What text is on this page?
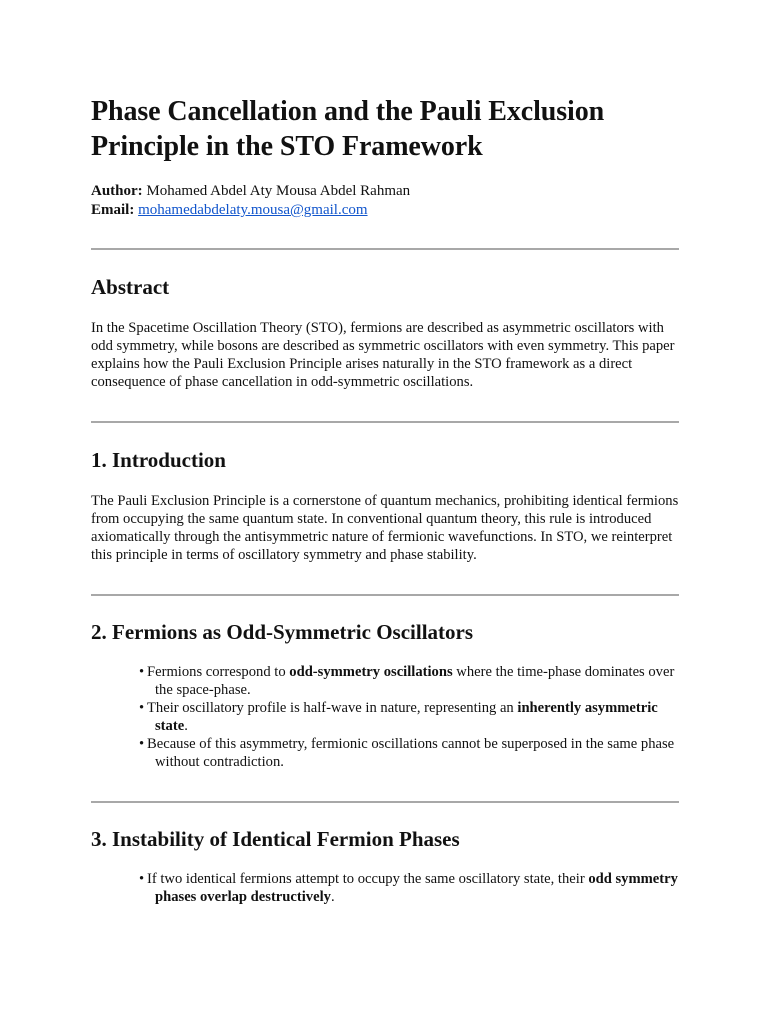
Phase Cancellation and the Pauli Exclusion Principle in the STO Framework
Author: Mohamed Abdel Aty Mousa Abdel Rahman
Email: mohamedabdelaty.mousa@gmail.com
Abstract

In the Spacetime Oscillation Theory (STO), fermions are described as asymmetric oscillators with odd symmetry, while bosons are described as symmetric oscillators with even symmetry. This paper explains how the Pauli Exclusion Principle arises naturally in the STO framework as a direct consequence of phase cancellation in odd-symmetric oscillations.

1. Introduction

The Pauli Exclusion Principle is a cornerstone of quantum mechanics, prohibiting identical fermions from occupying the same quantum state. In conventional quantum theory, this rule is introduced axiomatically through the antisymmetric nature of fermionic wavefunctions. In STO, we reinterpret this principle in terms of oscillatory symmetry and phase stability.

2. Fermions as Odd-Symmetric Oscillators
• Fermions correspond to odd-symmetry oscillations where the time-phase dominates over the space-phase.
• Their oscillatory profile is half-wave in nature, representing an inherently asymmetric state.
• Because of this asymmetry, fermionic oscillations cannot be superposed in the same phase without contradiction.
3. Instability of Identical Fermion Phases
• If two identical fermions attempt to occupy the same oscillatory state, their odd symmetry phases overlap destructively.
